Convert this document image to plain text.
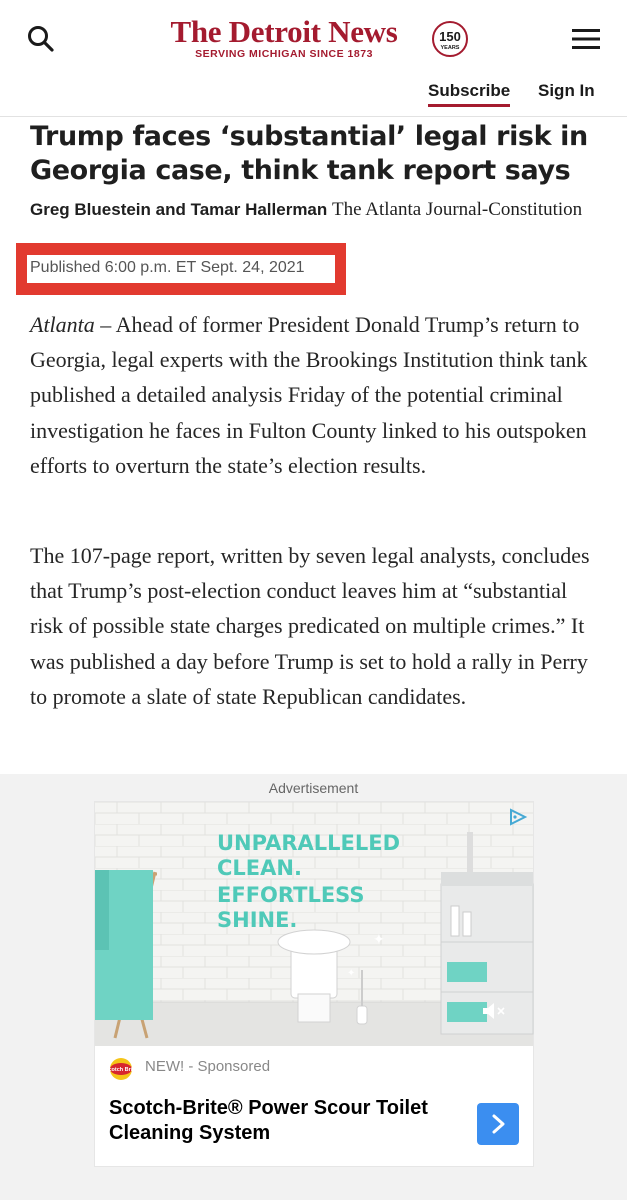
The Detroit News
SERVING MICHIGAN SINCE 1873
150
YEARS
Subscribe Sign In
Trump faces ‘substantial’ legal risk in Georgia case, think tank report says
Greg Bluestein and Tamar Hallerman The Atlanta Journal-Constitution
Published 6:00 p.m. ET Sept. 24, 2021

Atlanta – Ahead of former President Donald Trump’s return to Georgia, legal experts with the Brookings Institution think tank published a detailed analysis Friday of the potential criminal investigation he faces in Fulton County linked to his outspoken efforts to overturn the state’s election results.

The 107-page report, written by seven legal analysts, concludes that Trump’s post-election conduct leaves him at “substantial risk of possible state charges predicated on multiple crimes.” It was published a day before Trump is set to hold a rally in Perry to promote a slate of state Republican candidates.

Advertisement
✦
✦
UNPARALLELED
CLEAN.
EFFORTLESS
SHINE.
Scotch Brite NEW! - Sponsored
Scotch-Brite® Power Scour Toilet Cleaning System
